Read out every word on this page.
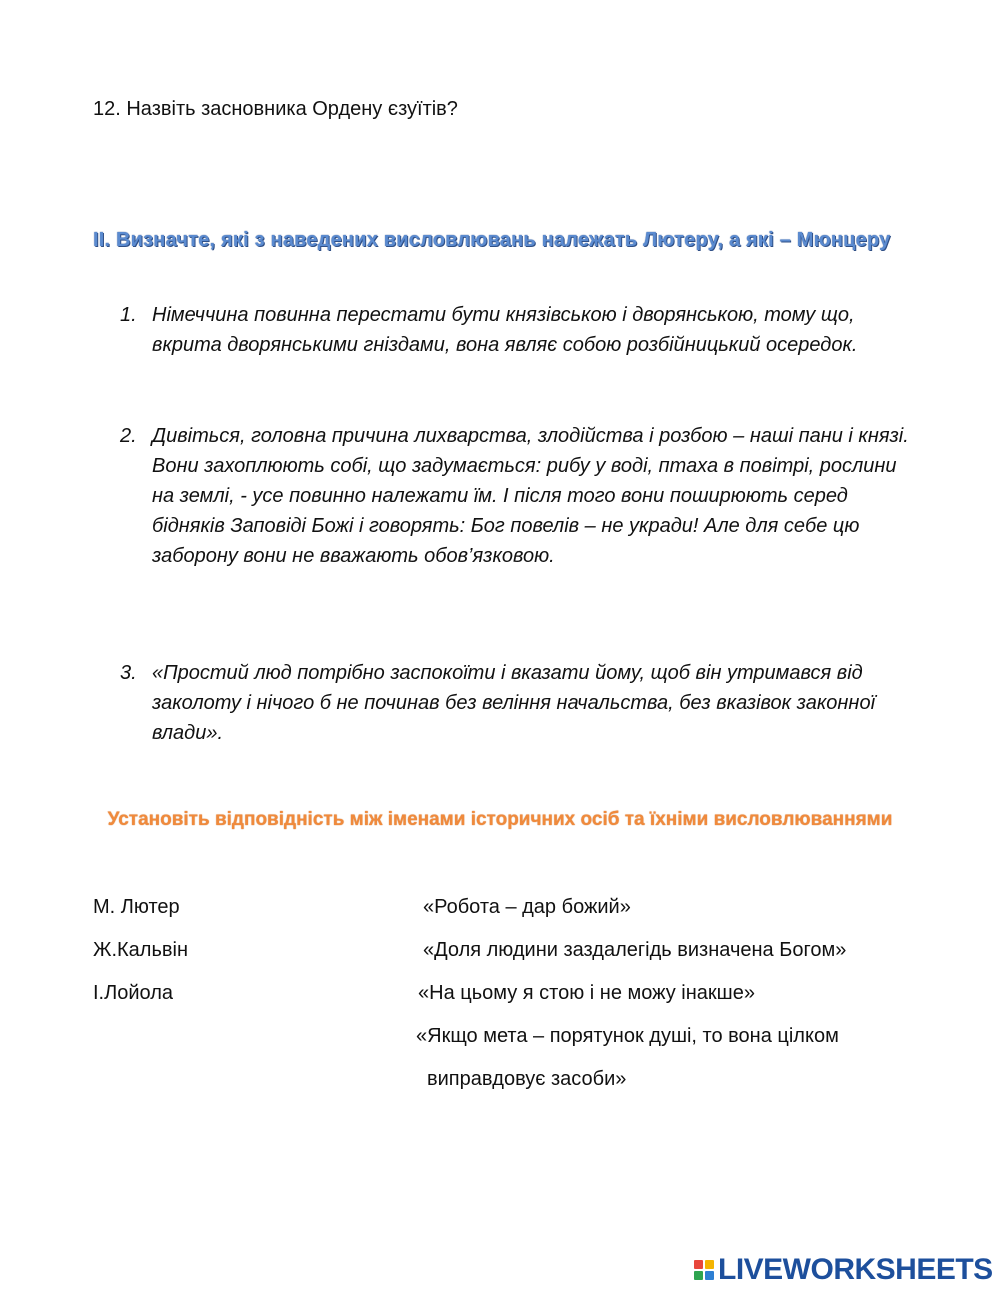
12. Назвіть засновника Ордену єзуїтів?
ІІ. Визначте, які з наведених висловлювань належать Лютеру, а які – Мюнцеру
1. Німеччина повинна перестати бути князівською і дворянською, тому що, вкрита дворянськими гніздами, вона являє собою розбійницький осередок.
2. Дивіться, головна причина лихварства, злодійства і розбою – наші пани і князі. Вони захоплюють собі, що задумається: рибу у воді, птаха в повітрі, рослини на землі, - усе повинно належати їм. І після того вони поширюють серед бідняків Заповіді Божі і говорять: Бог повелів – не укради! Але для себе цю заборону вони не вважають обов’язковою.
3. «Простий люд потрібно заспокоїти і вказати йому, щоб він утримався від заколоту і нічого б не починав без веління начальства, без вказівок законної влади».
Установіть відповідність між іменами історичних осіб та їхніми висловлюваннями
М. Лютер
Ж.Кальвін
І.Лойола
«Робота – дар божий»
«Доля людини заздалегідь визначена Богом»
«На цьому я стою і не можу інакше»
«Якщо мета – порятунок душі, то вона цілком
виправдовує засоби»
LIVEWORKSHEETS
